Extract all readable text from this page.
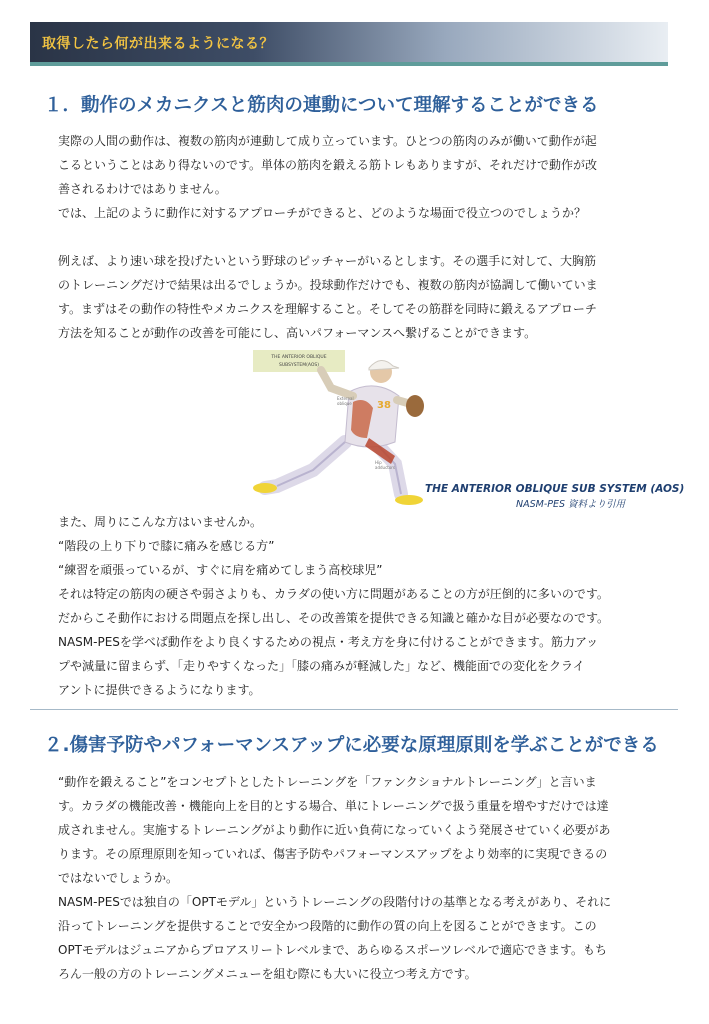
取得したら何が出来るようになる？
１．動作のメカニクスと筋肉の連動について理解することができる
実際の人間の動作は、複数の筋肉が連動して成り立っています。ひとつの筋肉のみが働いて動作が起
こるということはあり得ないのです。単体の筋肉を鍛える筋トレもありますが、それだけで動作が改
善されるわけではありません。
では、上記のように動作に対するアプローチができると、どのような場面で役立つのでしょうか？
例えば、より速い球を投げたいという野球のピッチャーがいるとします。その選手に対して、大胸筋
のトレーニングだけで結果は出るでしょうか。投球動作だけでも、複数の筋肉が協調して働いていま
す。まずはその動作の特性やメカニクスを理解すること。そしてその筋群を同時に鍛えるアプローチ
方法を知ることが動作の改善を可能にし、高いパフォーマンスへ繋げることができます。
THE ANTERIOR OBLIQUE
SUBSYSTEM(AOS)
38
External
oblique
Hip
adductors
THE ANTERIOR OBLIQUE SUB SYSTEM (AOS)
NASM-PES 資料より引用
また、周りにこんな方はいませんか。
“階段の上り下りで膝に痛みを感じる方”
“練習を頑張っているが、すぐに肩を痛めてしまう高校球児”
それは特定の筋肉の硬さや弱さよりも、カラダの使い方に問題があることの方が圧倒的に多いのです。
だからこそ動作における問題点を探し出し、その改善策を提供できる知識と確かな目が必要なのです。
NASM-PESを学べば動作をより良くするための視点・考え方を身に付けることができます。筋力アッ
プや減量に留まらず、「走りやすくなった」「膝の痛みが軽減した」など、機能面での変化をクライ
アントに提供できるようになります。
２.傷害予防やパフォーマンスアップに必要な原理原則を学ぶことができる
“動作を鍛えること”をコンセプトとしたトレーニングを「ファンクショナルトレーニング」と言いま
す。カラダの機能改善・機能向上を目的とする場合、単にトレーニングで扱う重量を増やすだけでは達
成されません。実施するトレーニングがより動作に近い負荷になっていくよう発展させていく必要があ
ります。その原理原則を知っていれば、傷害予防やパフォーマンスアップをより効率的に実現できるの
ではないでしょうか。
NASM-PESでは独自の「OPTモデル」というトレーニングの段階付けの基準となる考えがあり、それに
沿ってトレーニングを提供することで安全かつ段階的に動作の質の向上を図ることができます。この
OPTモデルはジュニアからプロアスリートレベルまで、あらゆるスポーツレベルで適応できます。もち
ろん一般の方のトレーニングメニューを組む際にも大いに役立つ考え方です。
